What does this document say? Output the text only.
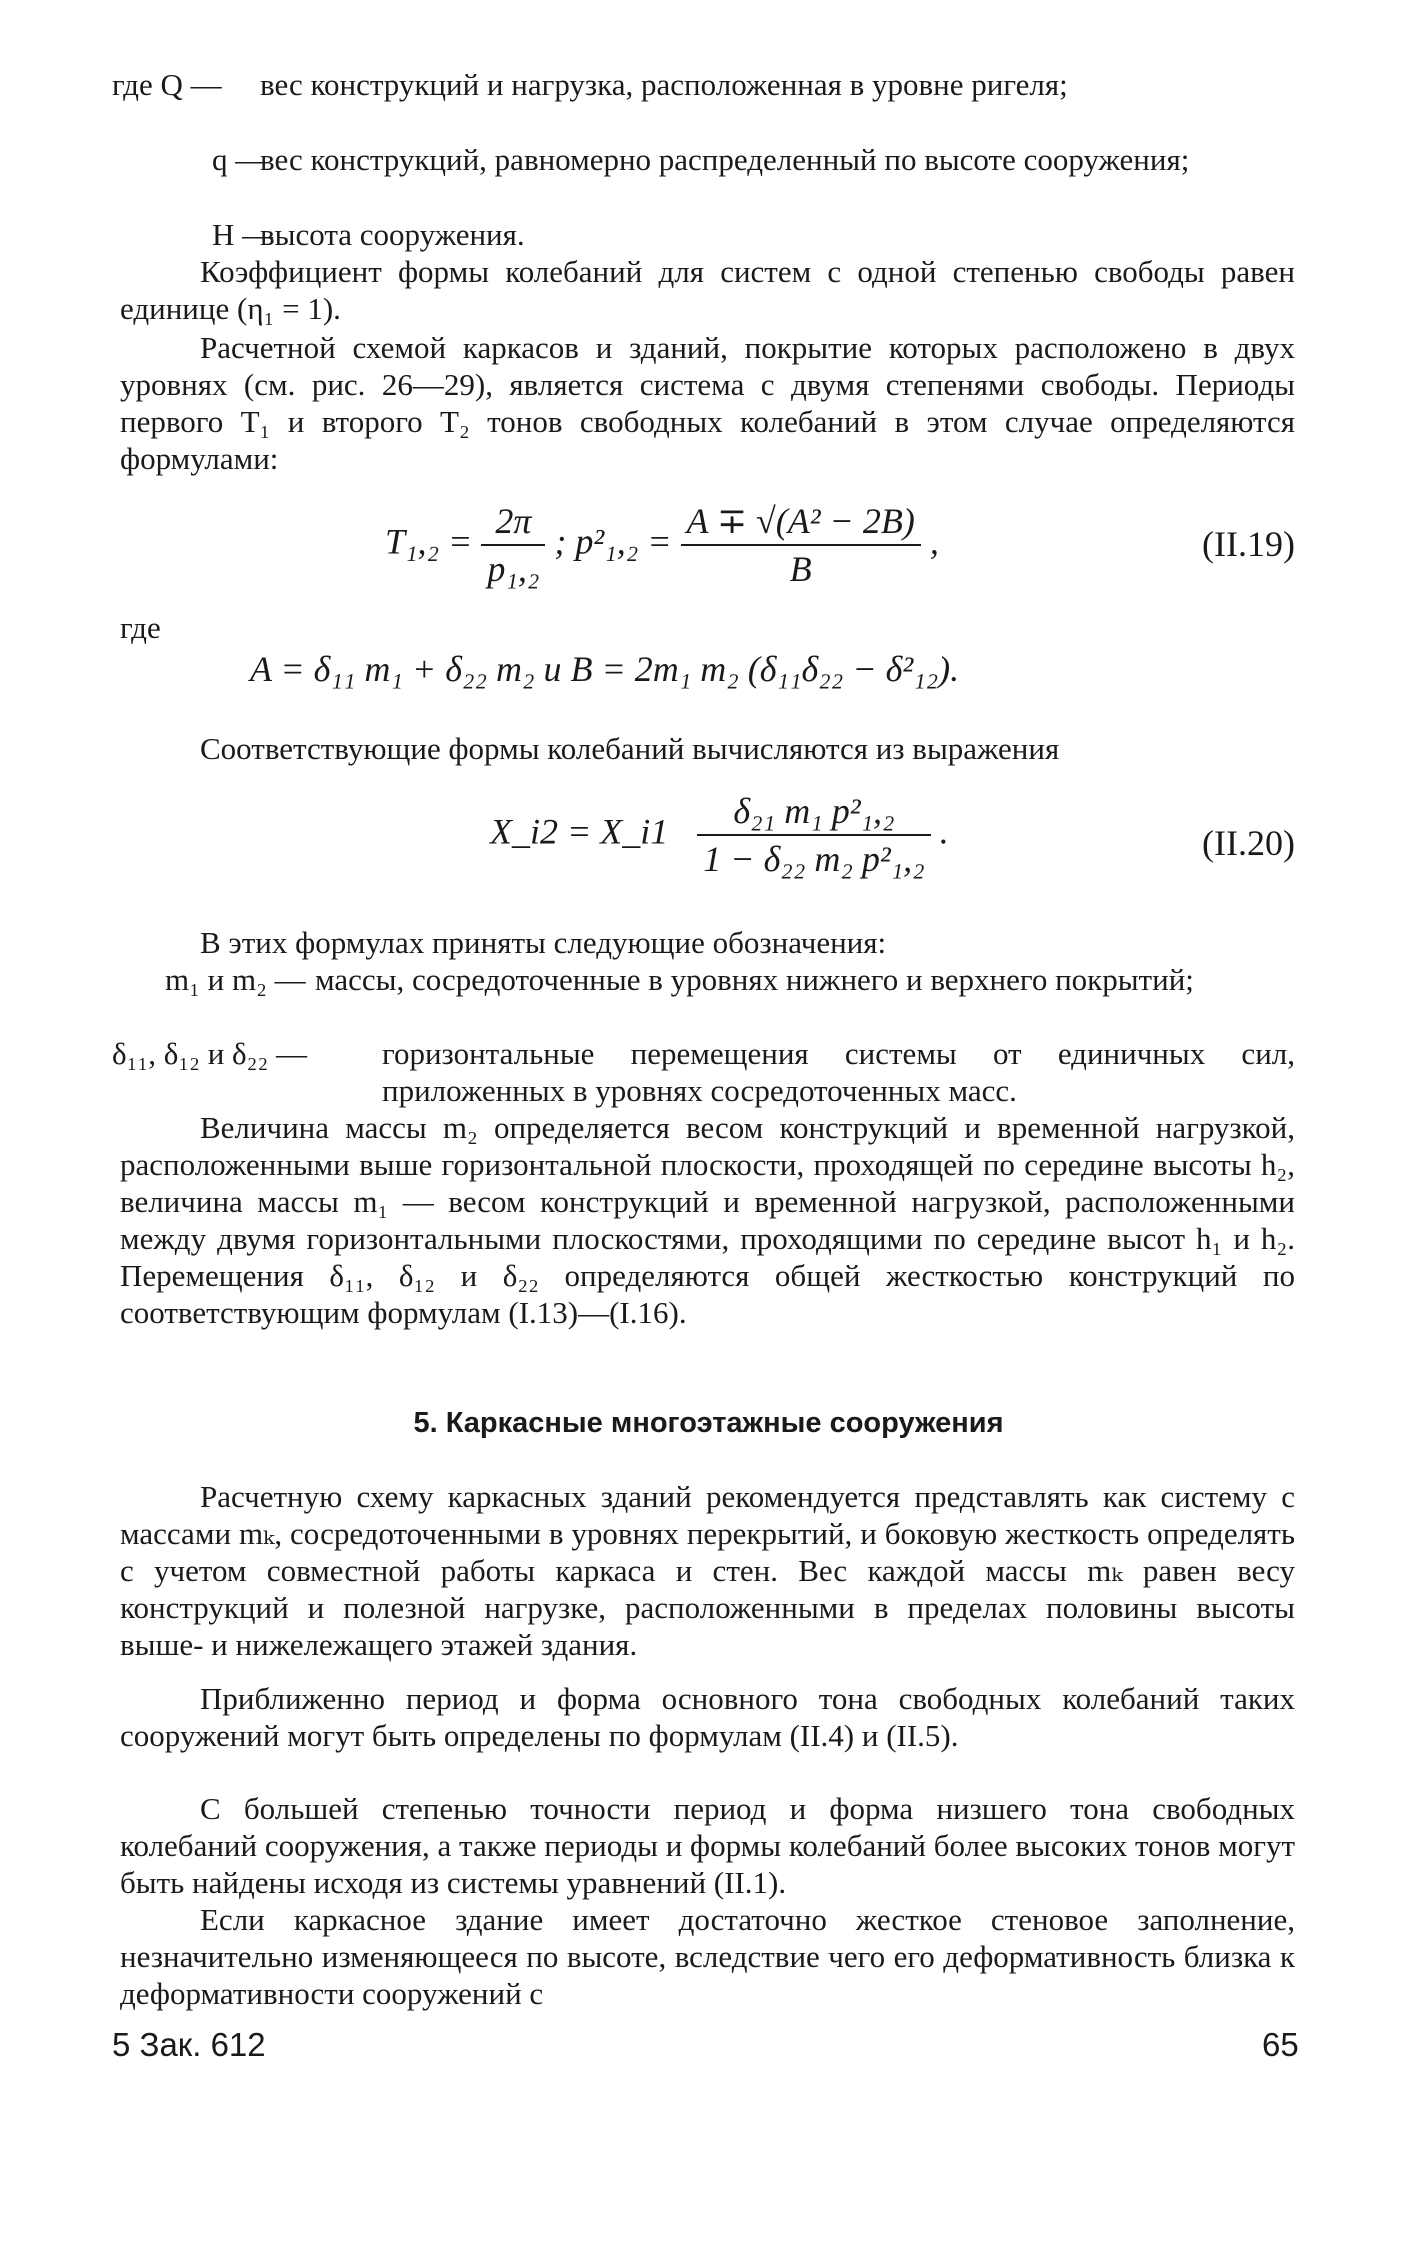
где Q —	вес конструкций и нагрузка, расположенная в уровне ригеля;
q —
вес конструкций, равномерно распределенный по высоте сооружения;
H —
высота сооружения.

Коэффициент формы колебаний для систем с одной степенью свободы равен единице (η₁ = 1).

Расчетной схемой каркасов и зданий, покрытие которых расположено в двух уровнях (см. рис. 26—29), является система с двумя степенями свободы. Периоды первого T₁ и второго T₂ тонов свободных колебаний в этом случае определяются формулами:

$T_1,_2 = \frac{2\pi}{\text{p₁,₂}}$ ; $p^2_1,_2 = \frac{\text{A ∓ √(A² − 2B)}}{B}$ ,	(II.19)
где
A = δ₁₁ m₁ + δ₂₂ m₂ и B = 2m₁ m₂ (δ₁₁δ₂₂ − δ²₁₂).

Соответствующие формы колебаний вычисляются из выражения

X_i2 = X_i1 $\frac{\text{δ₂₁ m₁ p²₁,₂}}{\text{1 − δ₂₂ m₂ p²₁,₂}}$ .	(II.20)

В этих формулах приняты следующие обозначения:

m₁ и m₂ — массы, сосредоточенные в уровнях нижнего и верхнего покрытий;
δ₁₁, δ₁₂ и δ₂₂ —	горизонтальные перемещения системы от единичных сил, приложенных в уровнях сосредоточенных масс.

Величина массы m₂ определяется весом конструкций и временной нагрузкой, расположенными выше горизонтальной плоскости, проходящей по середине высоты h₂, величина массы m₁ — весом конструкций и временной нагрузкой, расположенными между двумя горизонтальными плоскостями, проходящими по середине высот h₁ и h₂. Перемещения δ₁₁, δ₁₂ и δ₂₂ определяются общей жесткостью конструкций по соответствующим формулам (I.13)—(I.16).

5. Каркасные многоэтажные сооружения

Расчетную схему каркасных зданий рекомендуется представлять как систему с массами mₖ, сосредоточенными в уровнях перекрытий, и боковую жесткость определять с учетом совместной работы каркаса и стен. Вес каждой массы mₖ равен весу конструкций и полезной нагрузке, расположенными в пределах половины высоты выше- и нижележащего этажей здания.

Приближенно период и форма основного тона свободных колебаний таких сооружений могут быть определены по формулам (II.4) и (II.5).

С большей степенью точности период и форма низшего тона свободных колебаний сооружения, а также периоды и формы колебаний более высоких тонов могут быть найдены исходя из системы уравнений (II.1).

Если каркасное здание имеет достаточно жесткое стеновое заполнение, незначительно изменяющееся по высоте, вследствие чего его деформативность близка к деформативности сооружений с

5 Зак. 612	65
